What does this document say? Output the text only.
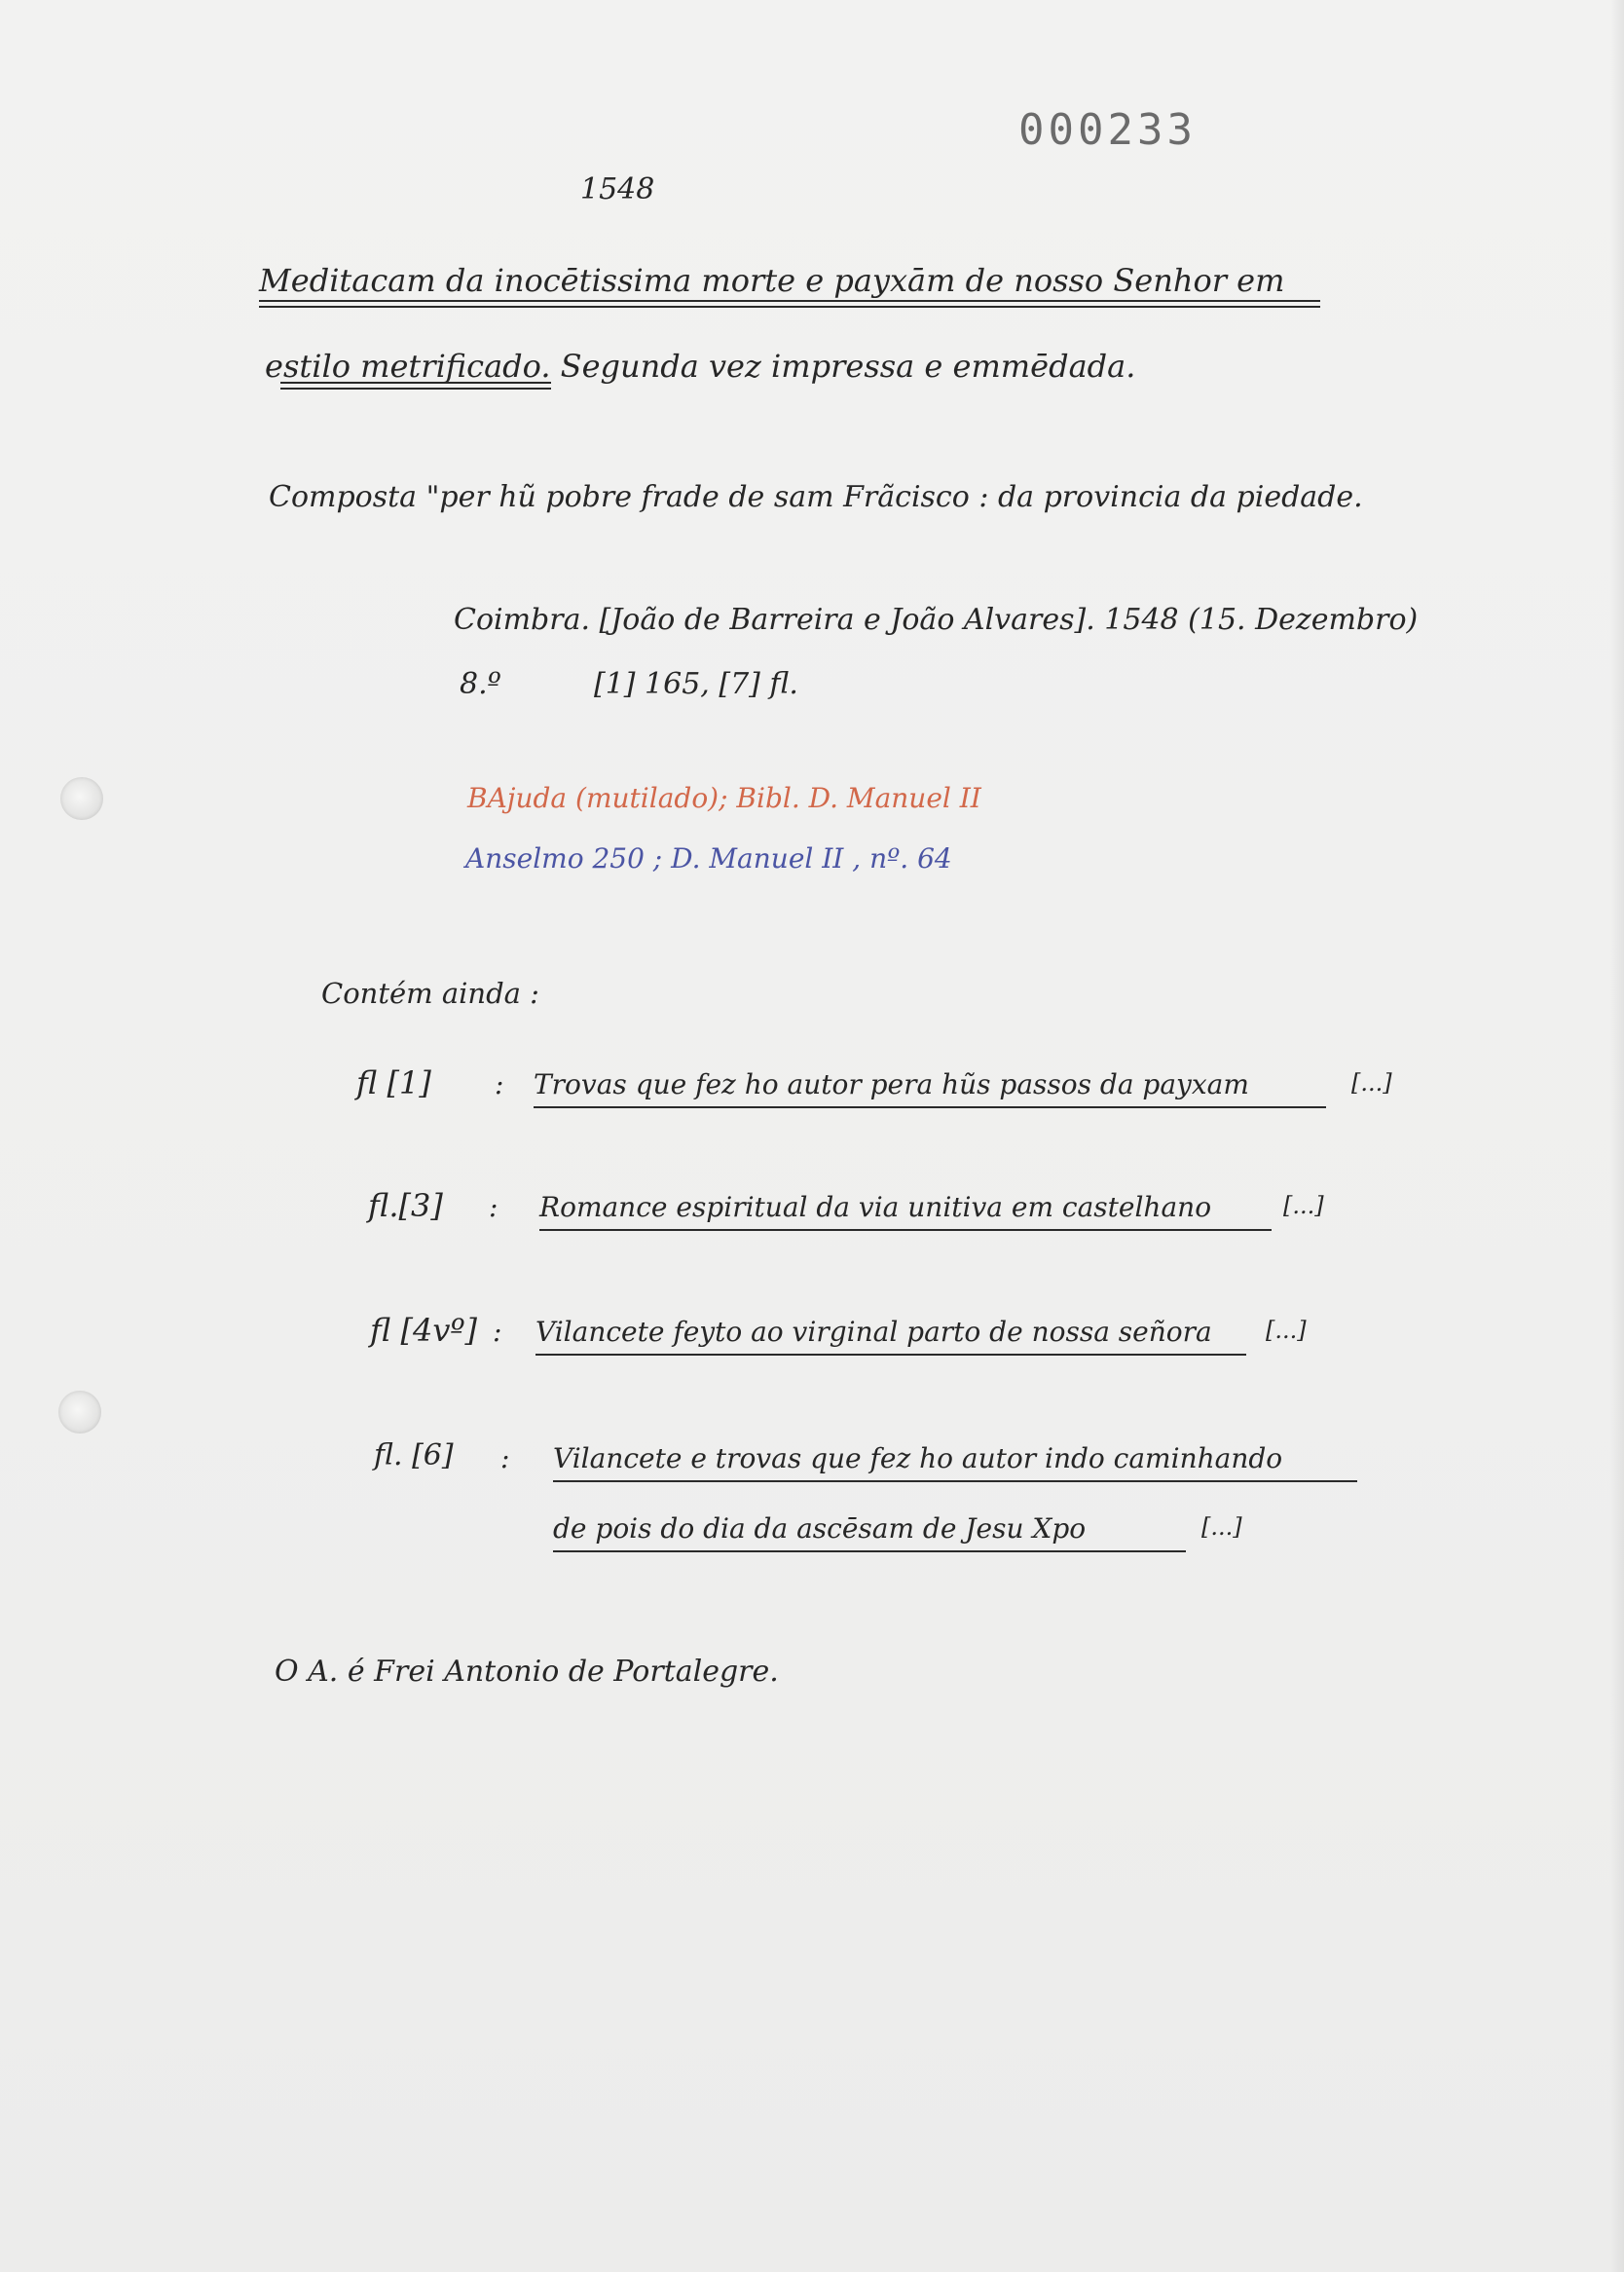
000233
1548
Meditacam da inocētissima morte e payxām de nosso Senhor em
estilo metrificado. Segunda vez impressa e emmēdada.
Composta "per hũ pobre frade de sam Frãcisco : da provincia da piedade.
Coimbra. [João de Barreira e João Alvares]. 1548 (15. Dezembro)
8.º	[1] 165, [7] fl.
BAjuda (mutilado); Bibl. D. Manuel II
Anselmo 250 ; D. Manuel II , nº. 64
Contém ainda :
fl [1] : Trovas que fez ho autor pera hũs passos da payxam	[...]
fl.[3] : Romance espiritual da via unitiva em castelhano	[...]
fl [4vº] : Vilancete feyto ao virginal parto de nossa señora [...]
fl. [6] : Vilancete e trovas que fez ho autor indo caminhando
de pois do dia da ascēsam de Jesu Xpo	[...]
O A. é Frei Antonio de Portalegre.
